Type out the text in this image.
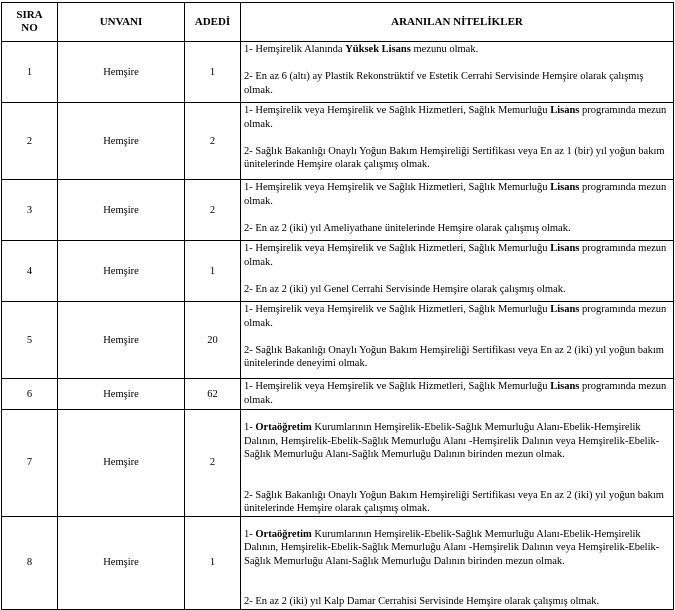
SIRA
NO	UNVANI	ADEDİ	ARANILAN NİTELİKLER
1	Hemşire	1	1- Hemşirelik Alanında Yüksek Lisans mezunu olmak.

2- En az 6 (altı) ay Plastik Rekonstrüktif ve Estetik Cerrahi Servisinde Hemşire olarak çalışmış olmak.

2	Hemşire	2	1- Hemşirelik veya Hemşirelik ve Sağlık Hizmetleri, Sağlık Memurluğu Lisans programında mezun olmak.

2- Sağlık Bakanlığı Onaylı Yoğun Bakım Hemşireliği Sertifikası veya En az 1 (bir) yıl yoğun bakım ünitelerinde Hemşire olarak çalışmış olmak.

3	Hemşire	2	1- Hemşirelik veya Hemşirelik ve Sağlık Hizmetleri, Sağlık Memurluğu Lisans programında mezun olmak.

2- En az 2 (iki) yıl Ameliyathane ünitelerinde Hemşire olarak çalışmış olmak.

4	Hemşire	1	1- Hemşirelik veya Hemşirelik ve Sağlık Hizmetleri, Sağlık Memurluğu Lisans programında mezun olmak.

2- En az 2 (iki) yıl Genel Cerrahi Servisinde Hemşire olarak çalışmış olmak.

5	Hemşire	20	1- Hemşirelik veya Hemşirelik ve Sağlık Hizmetleri, Sağlık Memurluğu Lisans programında mezun olmak.

2- Sağlık Bakanlığı Onaylı Yoğun Bakım Hemşireliği Sertifikası veya En az 2 (iki) yıl yoğun bakım ünitelerinde deneyimi olmak.

6	Hemşire	62	1- Hemşirelik veya Hemşirelik ve Sağlık Hizmetleri, Sağlık Memurluğu Lisans programında mezun olmak.

7	Hemşire	2	1- Ortaöğretim Kurumlarının Hemşirelik-Ebelik-Sağlık Memurluğu Alanı-Ebelik-Hemşirelik Dalının, Hemşirelik-Ebelik-Sağlık Memurluğu Alanı -Hemşirelik Dalının veya Hemşirelik-Ebelik-Sağlık Memurluğu Alanı-Sağlık Memurluğu Dalının birinden mezun olmak.

2- Sağlık Bakanlığı Onaylı Yoğun Bakım Hemşireliği Sertifikası veya En az 2 (iki) yıl yoğun bakım ünitelerinde Hemşire olarak çalışmış olmak.

8	Hemşire	1	1- Ortaöğretim Kurumlarının Hemşirelik-Ebelik-Sağlık Memurluğu Alanı-Ebelik-Hemşirelik Dalının, Hemşirelik-Ebelik-Sağlık Memurluğu Alanı -Hemşirelik Dalının veya Hemşirelik-Ebelik-Sağlık Memurluğu Alanı-Sağlık Memurluğu Dalının birinden mezun olmak.

2- En az 2 (iki) yıl Kalp Damar Cerrahisi Servisinde Hemşire olarak çalışmış olmak.
